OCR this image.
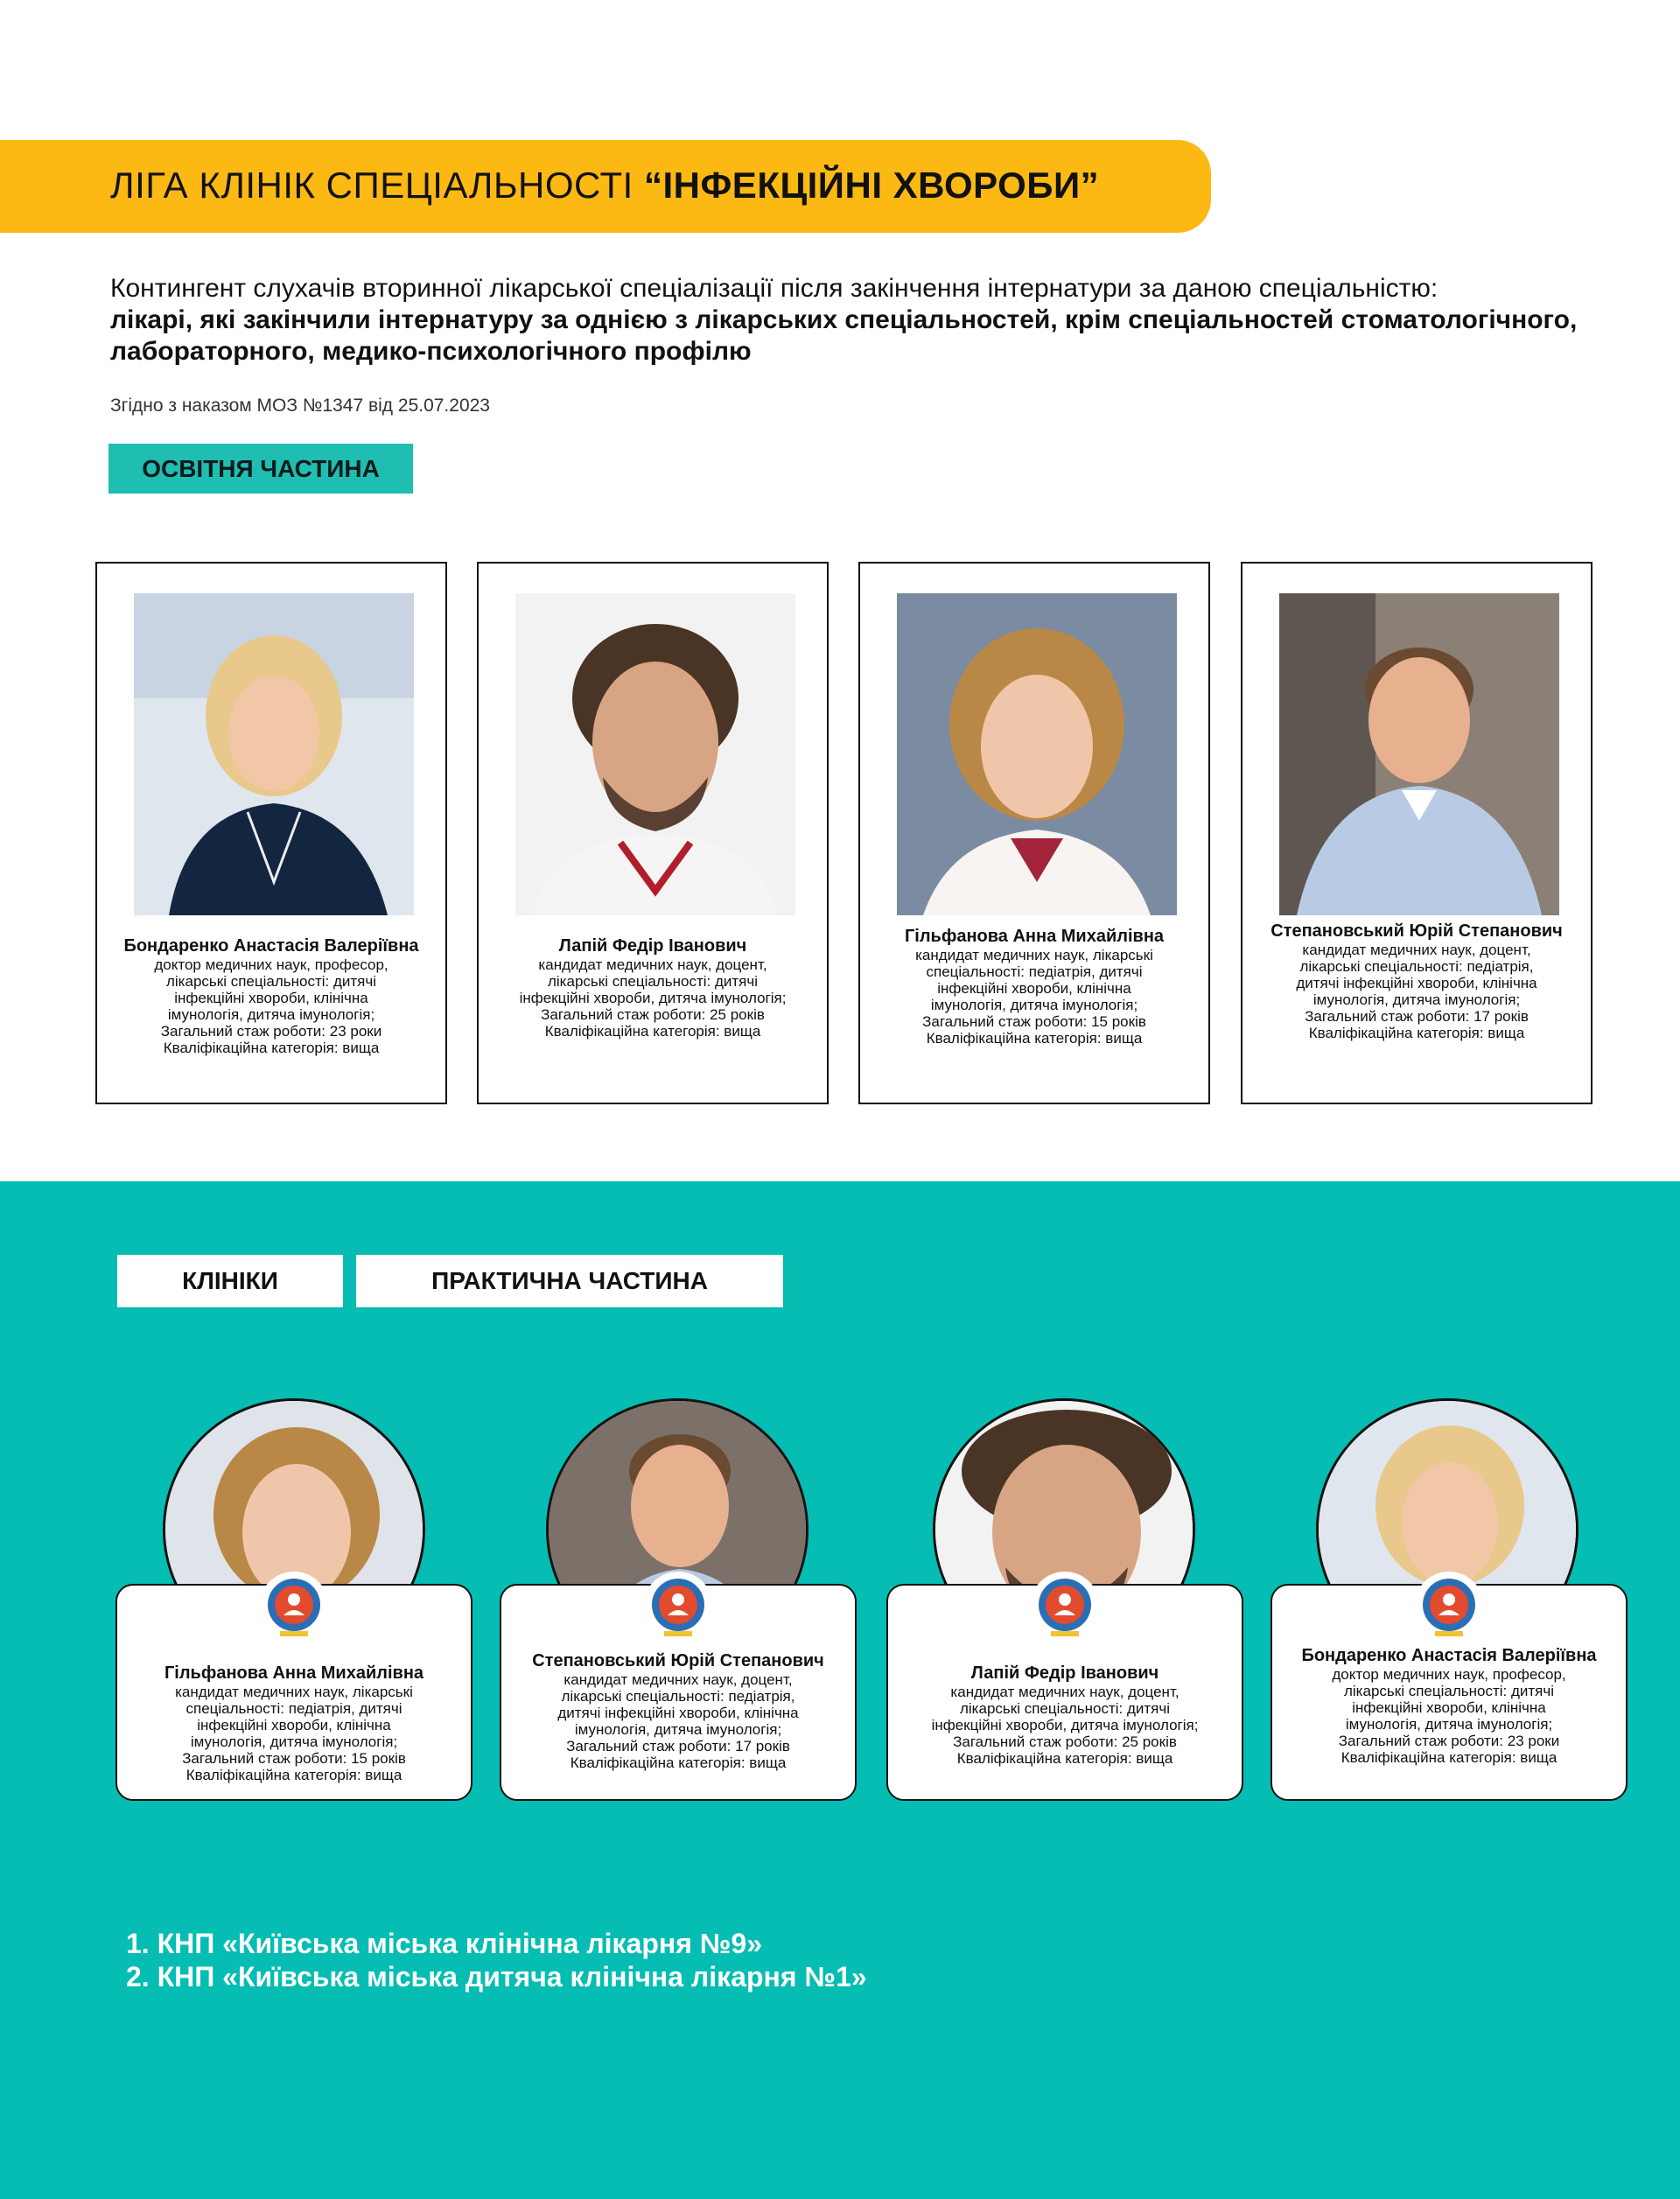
ЛІГА КЛІНІК СПЕЦІАЛЬНОСТІ “ІНФЕКЦІЙНІ ХВОРОБИ”
Контингент слухачів вторинної лікарської спеціалізації після закінчення інтернатури за даною спеціальністю:
лікарі, які закінчили інтернатуру за однією з лікарських спеціальностей, крім спеціальностей стоматологічного, лабораторного, медико-психологічного профілю
Згідно з наказом МОЗ №1347 від 25.07.2023
ОСВІТНЯ ЧАСТИНА
Бондаренко Анастасія Валеріївна
доктор медичних наук, професор,
лікарські спеціальності: дитячі
інфекційні хвороби, клінічна
імунологія, дитяча імунологія;
Загальний стаж роботи: 23 роки
Кваліфікаційна категорія: вища
Лапій Федір Іванович
кандидат медичних наук, доцент,
лікарські спеціальності: дитячі
інфекційні хвороби, дитяча імунологія;
Загальний стаж роботи: 25 років
Кваліфікаційна категорія: вища
Гільфанова Анна Михайлівна
кандидат медичних наук, лікарські
спеціальності: педіатрія, дитячі
інфекційні хвороби, клінічна
імунологія, дитяча імунологія;
Загальний стаж роботи: 15 років
Кваліфікаційна категорія: вища
Степановський Юрій Степанович
кандидат медичних наук, доцент,
лікарські спеціальності: педіатрія,
дитячі інфекційні хвороби, клінічна
імунологія, дитяча імунологія;
Загальний стаж роботи: 17 років
Кваліфікаційна категорія: вища
КЛІНІКИ	ПРАКТИЧНА ЧАСТИНА
Гільфанова Анна Михайлівна
кандидат медичних наук, лікарські
спеціальності: педіатрія, дитячі
інфекційні хвороби, клінічна
імунологія, дитяча імунологія;
Загальний стаж роботи: 15 років
Кваліфікаційна категорія: вища
Степановський Юрій Степанович
кандидат медичних наук, доцент,
лікарські спеціальності: педіатрія,
дитячі інфекційні хвороби, клінічна
імунологія, дитяча імунологія;
Загальний стаж роботи: 17 років
Кваліфікаційна категорія: вища
Лапій Федір Іванович
кандидат медичних наук, доцент,
лікарські спеціальності: дитячі
інфекційні хвороби, дитяча імунологія;
Загальний стаж роботи: 25 років
Кваліфікаційна категорія: вища
Бондаренко Анастасія Валеріївна
доктор медичних наук, професор,
лікарські спеціальності: дитячі
інфекційні хвороби, клінічна
імунологія, дитяча імунологія;
Загальний стаж роботи: 23 роки
Кваліфікаційна категорія: вища
1. КНП «Київська міська клінічна лікарня №9»
2. КНП «Київська міська дитяча клінічна лікарня №1»
